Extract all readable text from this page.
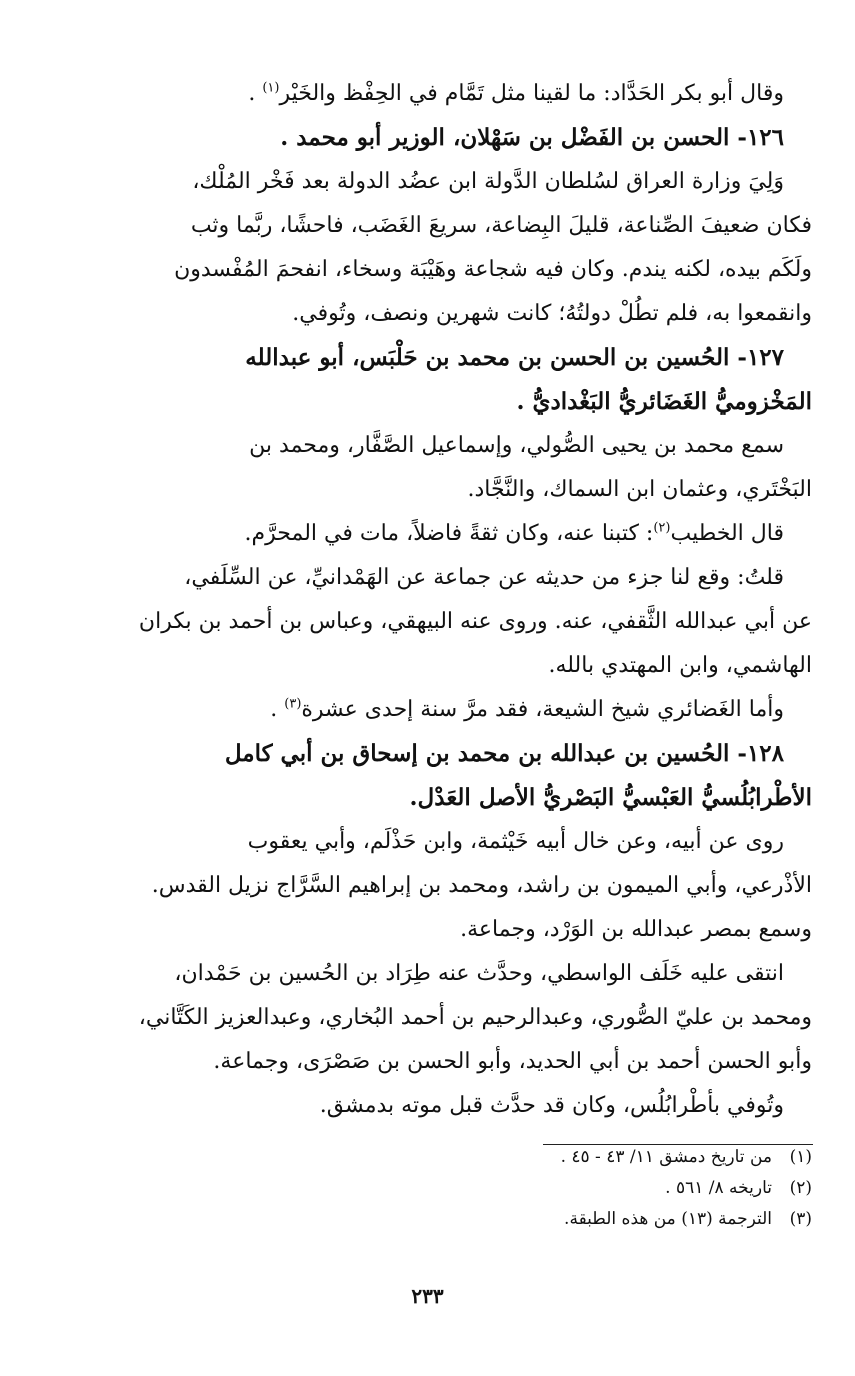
وقال أبو بكر الحَدَّاد: ما لقينا مثل تَمَّام في الحِفْظ والخَيْر$^{(١)}$ .
١٢٦- الحسن بن الفَضْل بن سَهْلان، الوزير أبو محمد .
وَلِيَ وزارة العراق لسُلطان الدَّولة ابن عضُد الدولة بعد فَخْر المُلْك،
فكان ضعيفَ الصِّناعة، قليلَ البِضاعة، سريعَ الغَضَب، فاحشًا، ربَّما وثب
ولَكَم بيده، لكنه يندم. وكان فيه شجاعة وهَيْبَة وسخاء، انفحمَ المُفْسدون
وانقمعوا به، فلم تطُلْ دولتُهُ؛ كانت شهرين ونصف، وتُوفي.
١٢٧- الحُسين بن الحسن بن محمد بن حَلْبَس، أبو عبدالله
المَخْزوميُّ الغَضَائريُّ البَغْداديُّ .
سمع محمد بن يحيى الصُّولي، وإسماعيل الصَّفَّار، ومحمد بن
البَخْتَري، وعثمان ابن السماك، والنَّجَّاد.
قال الخطيب$^{(٢)}$: كتبنا عنه، وكان ثقةً فاضلاً، مات في المحرَّم.
قلتُ: وقع لنا جزء من حديثه عن جماعة عن الهَمْدانيِّ، عن السِّلَفي،
عن أبي عبدالله الثَّقفي، عنه. وروى عنه البيهقي، وعباس بن أحمد بن بكران
الهاشمي، وابن المهتدي بالله.
وأما الغَضائري شيخ الشيعة، فقد مرَّ سنة إحدى عشرة$^{(٣)}$ .
١٢٨- الحُسين بن عبدالله بن محمد بن إسحاق بن أبي كامل
الأطْرابُلُسيُّ العَبْسيُّ البَصْريُّ الأصل العَدْل.
روى عن أبيه، وعن خال أبيه خَيْثمة، وابن حَذْلَم، وأبي يعقوب
الأذْرعي، وأبي الميمون بن راشد، ومحمد بن إبراهيم السَّرَّاج نزيل القدس.
وسمع بمصر عبدالله بن الوَرْد، وجماعة.
انتقى عليه خَلَف الواسطي، وحدَّث عنه طِرَاد بن الحُسين بن حَمْدان،
ومحمد بن عليّ الصُّوري، وعبدالرحيم بن أحمد البُخاري، وعبدالعزيز الكَتَّاني،
وأبو الحسن أحمد بن أبي الحديد، وأبو الحسن بن صَصْرَى، وجماعة.
وتُوفي بأطْرابُلُس، وكان قد حدَّث قبل موته بدمشق.
(١)من تاريخ دمشق ١١/ ٤٣ - ٤٥ .
(٢)تاريخه ٨/ ٥٦١ .
(٣)الترجمة (١٣) من هذه الطبقة.
٢٣٣
